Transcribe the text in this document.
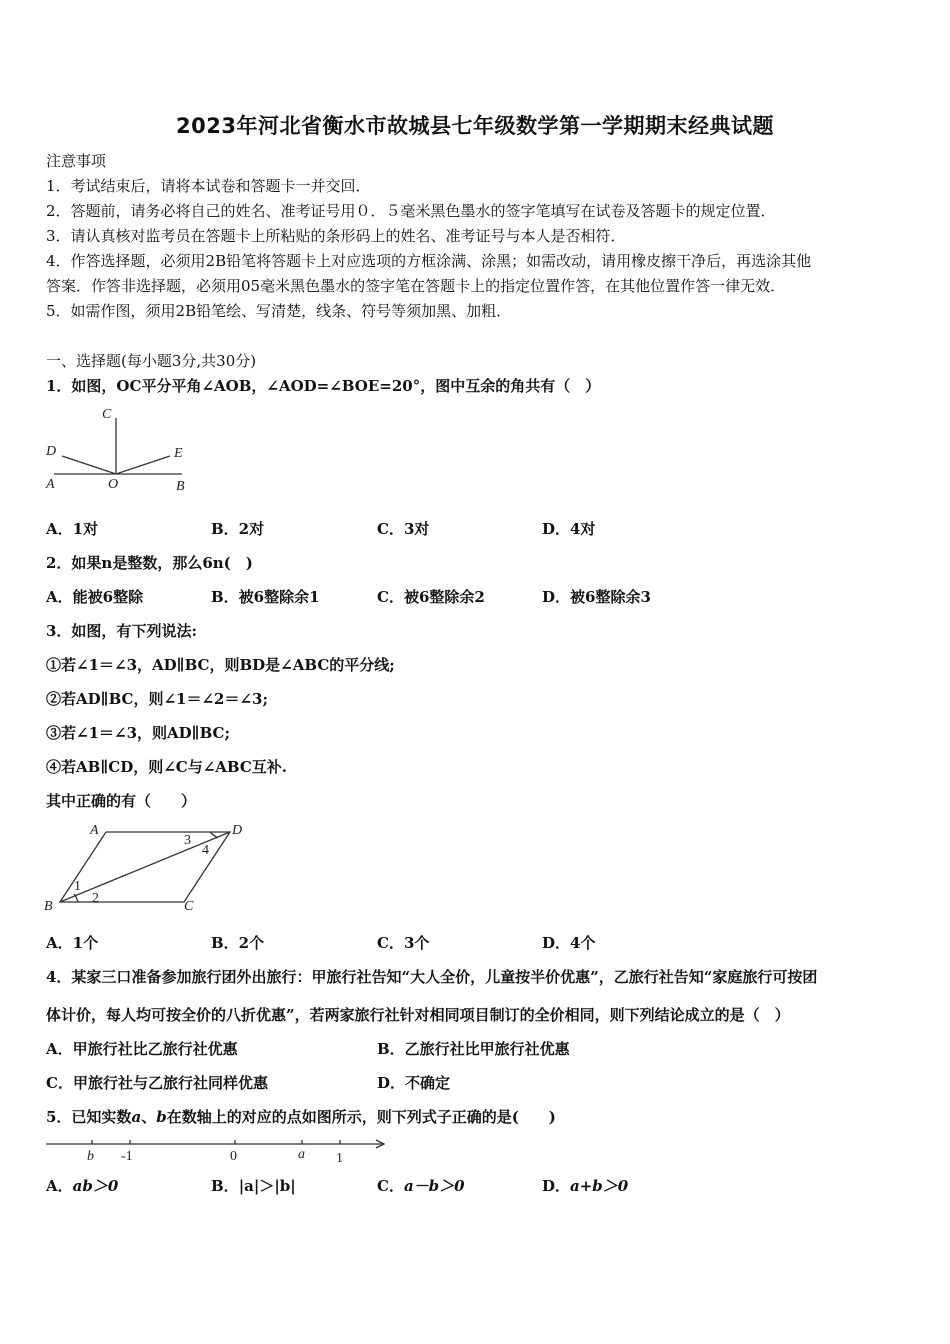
2023年河北省衡水市故城县七年级数学第一学期期末经典试题
注意事项
1．考试结束后，请将本试卷和答题卡一并交回．
2．答题前，请务必将自己的姓名、准考证号用０．５毫米黑色墨水的签字笔填写在试卷及答题卡的规定位置．
3．请认真核对监考员在答题卡上所粘贴的条形码上的姓名、准考证号与本人是否相符．
4．作答选择题，必须用2B铅笔将答题卡上对应选项的方框涂满、涂黑；如需改动，请用橡皮擦干净后，再选涂其他
答案．作答非选择题，必须用05毫米黑色墨水的签字笔在答题卡上的指定位置作答，在其他位置作答一律无效．
5．如需作图，须用2B铅笔绘、写清楚，线条、符号等须加黑、加粗．
一、选择题(每小题3分,共30分)
1．如图，OC平分平角∠AOB，∠AOD=∠BOE=20°，图中互余的角共有（　）
C
D	E
A	O	B
A．1对	B．2对	C．3对	D．4对
2．如果n是整数，那么6n(　)
A．能被6整除	B．被6整除余1	C．被6整除余2	D．被6整除余3
3．如图，有下列说法:
①若∠1＝∠3，AD∥BC，则BD是∠ABC的平分线;
②若AD∥BC，则∠1＝∠2＝∠3;
③若∠1＝∠3，则AD∥BC;
④若AB∥CD，则∠C与∠ABC互补.
其中正确的有（　　）
A	D
B	C
1
2
3
4
A．1个	B．2个	C．3个	D．4个
4．某家三口准备参加旅行团外出旅行：甲旅行社告知“大人全价，儿童按半价优惠”，乙旅行社告知“家庭旅行可按团
体计价，每人均可按全价的八折优惠”，若两家旅行社针对相同项目制订的全价相同，则下列结论成立的是（　）
A．甲旅行社比乙旅行社优惠	B．乙旅行社比甲旅行社优惠
C．甲旅行社与乙旅行社同样优惠	D．不确定
5．已知实数a、b在数轴上的对应的点如图所示，则下列式子正确的是(　　)
b -1	0	a 1
A．ab＞0	B．|a|＞|b|	C．a－b＞0	D．a+b＞0
